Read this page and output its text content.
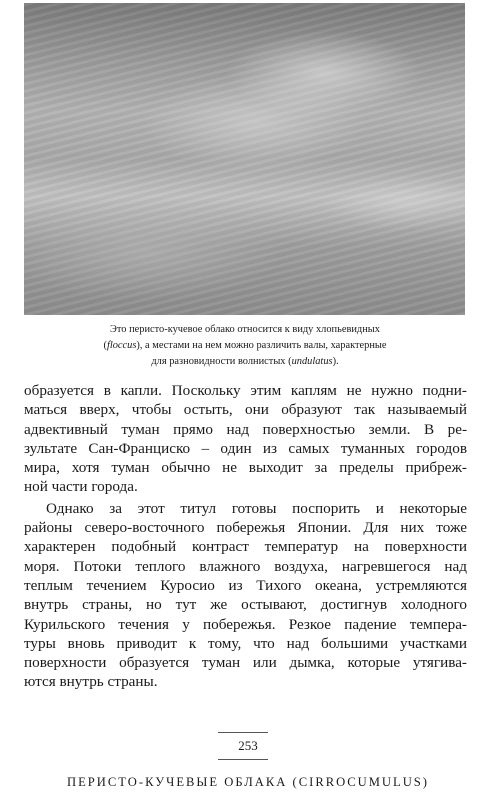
Это перисто-кучевое облако относится к виду хлопьевидных

(floccus), а местами на нем можно различить валы, характерные

для разновидности волнистых (undulatus).

образуется в капли. Поскольку этим каплям не нужно подни-
маться вверх, чтобы остыть, они образуют так называемый
адвективный туман прямо над поверхностью земли. В ре-
зультате Сан-Франциско – один из самых туманных городов
мира, хотя туман обычно не выходит за пределы прибреж-
ной части города.
Однако за этот титул готовы поспорить и некоторые
районы северо-восточного побережья Японии. Для них тоже
характерен подобный контраст температур на поверхности
моря. Потоки теплого влажного воздуха, нагревшегося над
теплым течением Куросио из Тихого океана, устремляются
внутрь страны, но тут же остывают, достигнув холодного
Курильского течения у побережья. Резкое падение темпера-
туры вновь приводит к тому, что над большими участками
поверхности образуется туман или дымка, которые утягива-
ются внутрь страны.
253
ПЕРИСТО-КУЧЕВЫЕ ОБЛАКА (CIRROCUMULUS)
